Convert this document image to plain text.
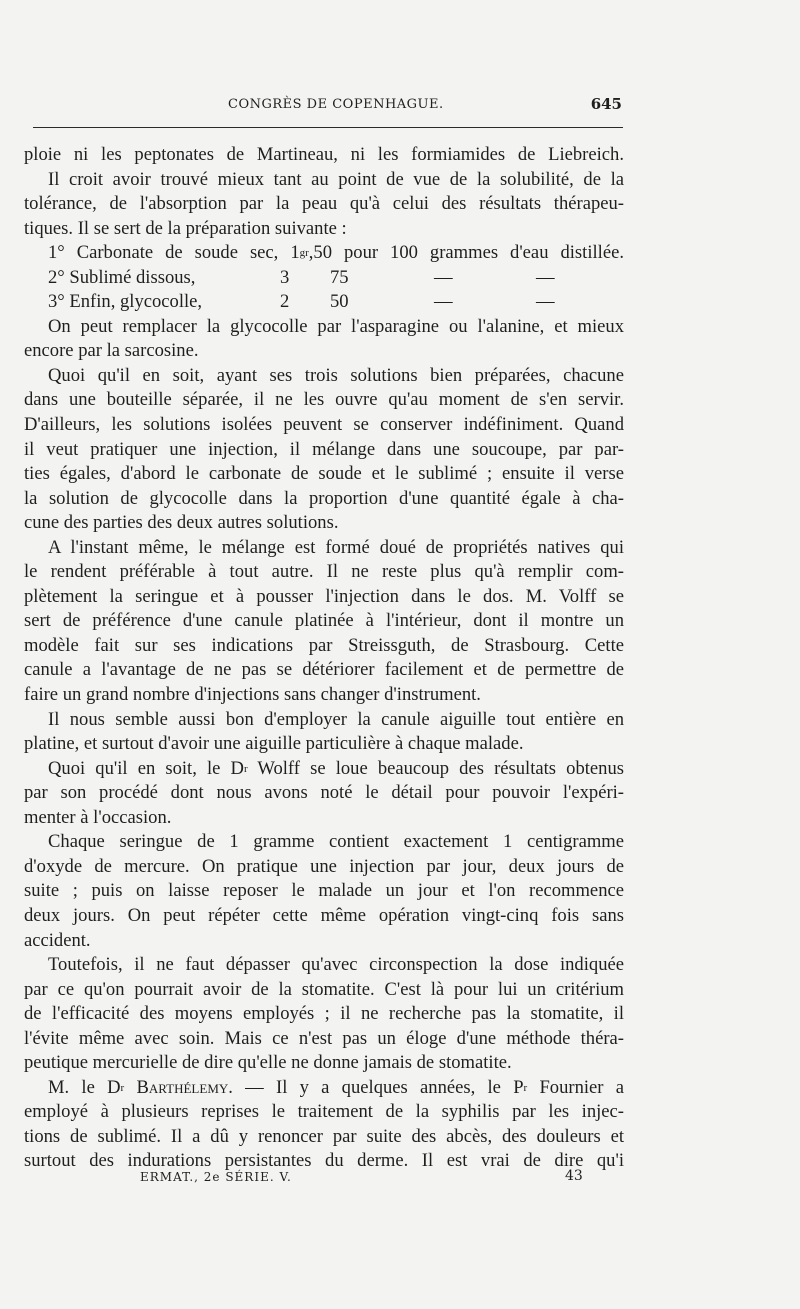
CONGRÈS DE COPENHAGUE.	645
ploie ni les peptonates de Martineau, ni les formiamides de Liebreich.
Il croit avoir trouvé mieux tant au point de vue de la solubilité, de la
tolérance, de l'absorption par la peau qu'à celui des résultats thérapeu-
tiques. Il se sert de la préparation suivante :
1° Carbonate de soude sec, $1^{gr},50$ pour 100 grammes d'eau distillée.
2° Sublimé dissous,	3 75	—	—
3° Enfin, glycocolle,	2 50	—	—
On peut remplacer la glycocolle par l'asparagine ou l'alanine, et mieux
encore par la sarcosine.
Quoi qu'il en soit, ayant ses trois solutions bien préparées, chacune
dans une bouteille séparée, il ne les ouvre qu'au moment de s'en servir.
D'ailleurs, les solutions isolées peuvent se conserver indéfiniment. Quand
il veut pratiquer une injection, il mélange dans une soucoupe, par par-
ties égales, d'abord le carbonate de soude et le sublimé ; ensuite il verse
la solution de glycocolle dans la proportion d'une quantité égale à cha-
cune des parties des deux autres solutions.
A l'instant même, le mélange est formé doué de propriétés natives qui
le rendent préférable à tout autre. Il ne reste plus qu'à remplir com-
plètement la seringue et à pousser l'injection dans le dos. M. Volff se
sert de préférence d'une canule platinée à l'intérieur, dont il montre un
modèle fait sur ses indications par Streissguth, de Strasbourg. Cette
canule a l'avantage de ne pas se détériorer facilement et de permettre de
faire un grand nombre d'injections sans changer d'instrument.
Il nous semble aussi bon d'employer la canule aiguille tout entière en
platine, et surtout d'avoir une aiguille particulière à chaque malade.
Quoi qu'il en soit, le $D^r$ Wolff se loue beaucoup des résultats obtenus
par son procédé dont nous avons noté le détail pour pouvoir l'expéri-
menter à l'occasion.
Chaque seringue de 1 gramme contient exactement 1 centigramme
d'oxyde de mercure. On pratique une injection par jour, deux jours de
suite ; puis on laisse reposer le malade un jour et l'on recommence
deux jours. On peut répéter cette même opération vingt-cinq fois sans
accident.
Toutefois, il ne faut dépasser qu'avec circonspection la dose indiquée
par ce qu'on pourrait avoir de la stomatite. C'est là pour lui un critérium
de l'efficacité des moyens employés ; il ne recherche pas la stomatite, il
l'évite même avec soin. Mais ce n'est pas un éloge d'une méthode théra-
peutique mercurielle de dire qu'elle ne donne jamais de stomatite.
M. le $D^r$ Barthélemy. — Il y a quelques années, le $P^r$ Fournier a
employé à plusieurs reprises le traitement de la syphilis par les injec-
tions de sublimé. Il a dû y renoncer par suite des abcès, des douleurs et
surtout des indurations persistantes du derme. Il est vrai de dire qu'i
ERMAT., 2e SÉRIE. V.	43
